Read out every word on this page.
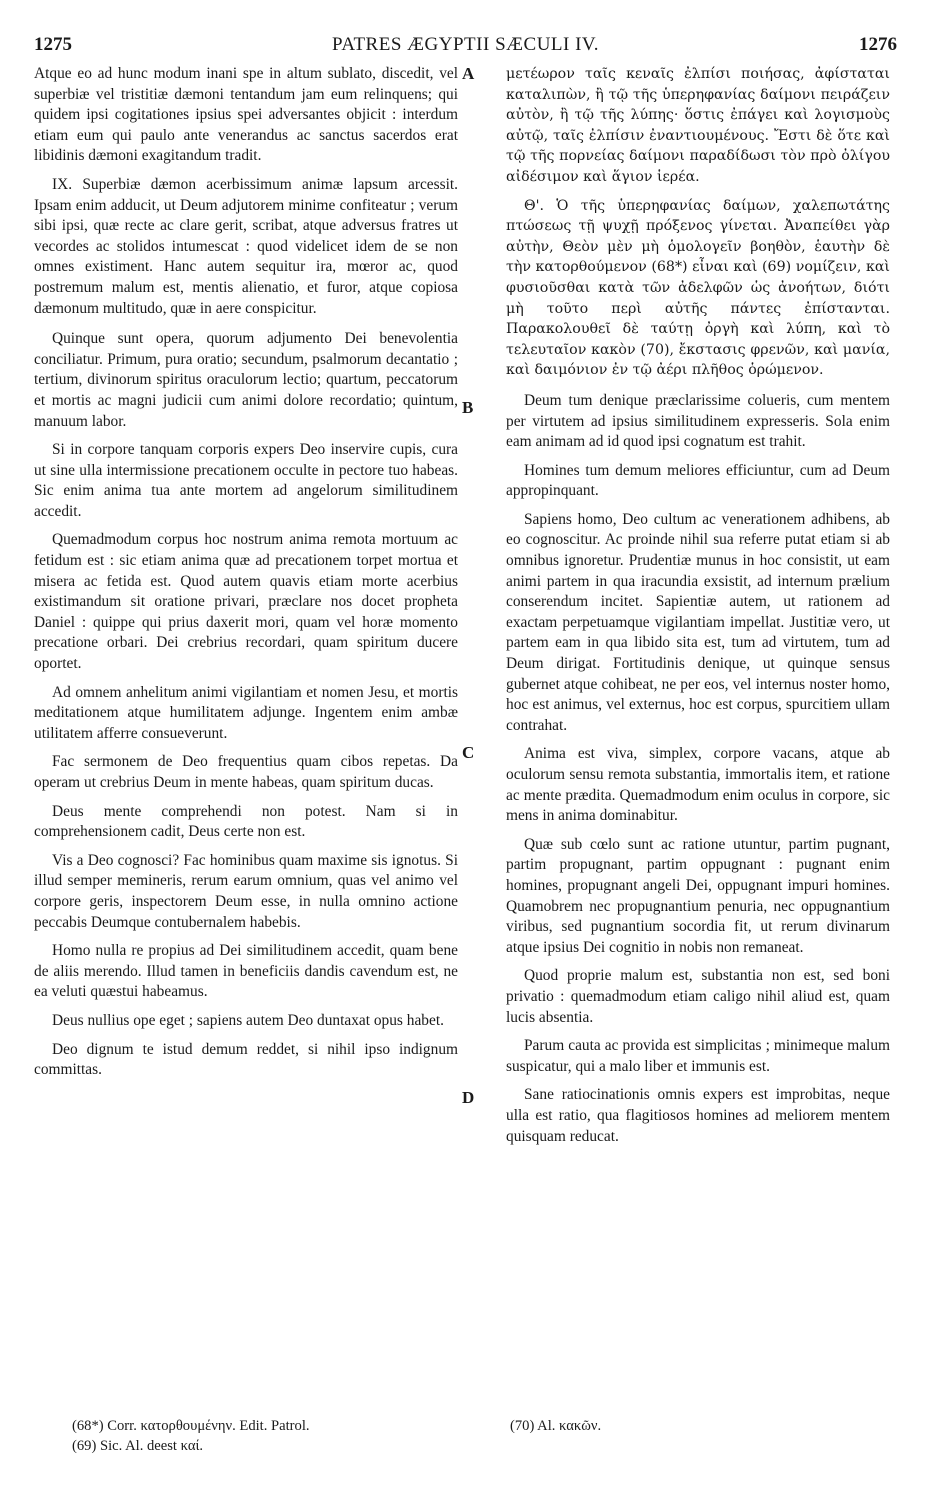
1275	PATRES ÆGYPTII SÆCULI IV.	1276
A
B
C
D

Atque eo ad hunc modum inani spe in altum sublato, discedit, vel superbiæ vel tristitiæ dæmoni tentandum jam eum relinquens; qui quidem ipsi cogitationes ipsius spei adversantes objicit : interdum etiam eum qui paulo ante venerandus ac sanctus sacerdos erat libidinis dæmoni exagitandum tradit.

IX. Superbiæ dæmon acerbissimum animæ lapsum arcessit. Ipsam enim adducit, ut Deum adjutorem minime confiteatur ; verum sibi ipsi, quæ recte ac clare gerit, scribat, atque adversus fratres ut vecordes ac stolidos intumescat : quod videlicet idem de se non omnes existiment. Hanc autem sequitur ira, mœror ac, quod postremum malum est, mentis alienatio, et furor, atque copiosa dæmonum multitudo, quæ in aere conspicitur.

Quinque sunt opera, quorum adjumento Dei benevolentia conciliatur. Primum, pura oratio; secundum, psalmorum decantatio ; tertium, divinorum spiritus oraculorum lectio; quartum, peccatorum et mortis ac magni judicii cum animi dolore recordatio; quintum, manuum labor.

Si in corpore tanquam corporis expers Deo inservire cupis, cura ut sine ulla intermissione precationem occulte in pectore tuo habeas. Sic enim anima tua ante mortem ad angelorum similitudinem accedit.

Quemadmodum corpus hoc nostrum anima remota mortuum ac fetidum est : sic etiam anima quæ ad precationem torpet mortua et misera ac fetida est. Quod autem quavis etiam morte acerbius existimandum sit oratione privari, præclare nos docet propheta Daniel : quippe qui prius daxerit mori, quam vel horæ momento precatione orbari. Dei crebrius recordari, quam spiritum ducere oportet.

Ad omnem anhelitum animi vigilantiam et nomen Jesu, et mortis meditationem atque humilitatem adjunge. Ingentem enim ambæ utilitatem afferre consueverunt.

Fac sermonem de Deo frequentius quam cibos repetas. Da operam ut crebrius Deum in mente habeas, quam spiritum ducas.

Deus mente comprehendi non potest. Nam si in comprehensionem cadit, Deus certe non est.

Vis a Deo cognosci? Fac hominibus quam maxime sis ignotus. Si illud semper memineris, rerum earum omnium, quas vel animo vel corpore geris, inspectorem Deum esse, in nulla omnino actione peccabis Deumque contubernalem habebis.

Homo nulla re propius ad Dei similitudinem accedit, quam bene de aliis merendo. Illud tamen in beneficiis dandis cavendum est, ne ea veluti quæstui habeamus.

Deus nullius ope eget ; sapiens autem Deo duntaxat opus habet.

Deo dignum te istud demum reddet, si nihil ipso indignum committas.

μετέωρον ταῖς κεναῖς ἐλπίσι ποιήσας, ἀφίσταται καταλιπὼν, ἢ τῷ τῆς ὑπερηφανίας δαίμονι πειράζειν αὐτὸν, ἢ τῷ τῆς λύπης· ὅστις ἐπάγει καὶ λογισμοὺς αὐτῷ, ταῖς ἐλπίσιν ἐναντιουμένους. Ἔστι δὲ ὅτε καὶ τῷ τῆς πορνείας δαίμονι παραδίδωσι τὸν πρὸ ὀλίγου αἰδέσιμον καὶ ἅγιον ἱερέα.

Θ'. Ὁ τῆς ὑπερηφανίας δαίμων, χαλεπωτάτης πτώσεως τῇ ψυχῇ πρόξενος γίνεται. Ἀναπείθει γὰρ αὐτὴν, Θεὸν μὲν μὴ ὁμολογεῖν βοηθὸν, ἑαυτὴν δὲ τὴν κατορθούμενον (68*) εἶναι καὶ (69) νομίζειν, καὶ φυσιοῦσθαι κατὰ τῶν ἀδελφῶν ὡς ἀνοήτων, διότι μὴ τοῦτο περὶ αὐτῆς πάντες ἐπίστανται. Παρακολουθεῖ δὲ ταύτῃ ὀργὴ καὶ λύπη, καὶ τὸ τελευταῖον κακὸν (70), ἔκστασις φρενῶν, καὶ μανία, καὶ δαιμόνιον ἐν τῷ ἀέρι πλῆθος ὁρώμενον.

Deum tum denique præclarissime colueris, cum mentem per virtutem ad ipsius similitudinem expresseris. Sola enim eam animam ad id quod ipsi cognatum est trahit.

Homines tum demum meliores efficiuntur, cum ad Deum appropinquant.

Sapiens homo, Deo cultum ac venerationem adhibens, ab eo cognoscitur. Ac proinde nihil sua referre putat etiam si ab omnibus ignoretur. Prudentiæ munus in hoc consistit, ut eam animi partem in qua iracundia exsistit, ad internum prælium conserendum incitet. Sapientiæ autem, ut rationem ad exactam perpetuamque vigilantiam impellat. Justitiæ vero, ut partem eam in qua libido sita est, tum ad virtutem, tum ad Deum dirigat. Fortitudinis denique, ut quinque sensus gubernet atque cohibeat, ne per eos, vel internus noster homo, hoc est animus, vel externus, hoc est corpus, spurcitiem ullam contrahat.

Anima est viva, simplex, corpore vacans, atque ab oculorum sensu remota substantia, immortalis item, et ratione ac mente prædita. Quemadmodum enim oculus in corpore, sic mens in anima dominabitur.

Quæ sub cœlo sunt ac ratione utuntur, partim pugnant, partim propugnant, partim oppugnant : pugnant enim homines, propugnant angeli Dei, oppugnant impuri homines. Quamobrem nec propugnantium penuria, nec oppugnantium viribus, sed pugnantium socordia fit, ut rerum divinarum atque ipsius Dei cognitio in nobis non remaneat.

Quod proprie malum est, substantia non est, sed boni privatio : quemadmodum etiam caligo nihil aliud est, quam lucis absentia.

Parum cauta ac provida est simplicitas ; minimeque malum suspicatur, qui a malo liber et immunis est.

Sane ratiocinationis omnis expers est improbitas, neque ulla est ratio, qua flagitiosos homines ad meliorem mentem quisquam reducat.

(68*) Corr. κατορθουμένην. Edit. Patrol.

(69) Sic. Al. deest καί.

(70) Al. κακῶν.
